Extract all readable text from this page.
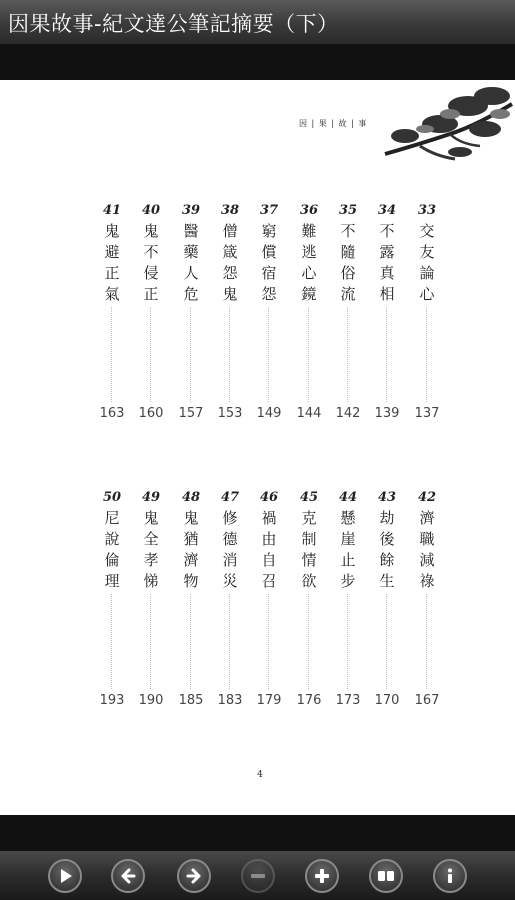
因果故事-紀文達公筆記摘要（下）
因 | 果 | 故 | 事
41
鬼避正氣
163
40
鬼不侵正
160
39
醫藥人危
157
38
僧箴怨鬼
153
37
窮償宿怨
149
36
難逃心鏡
144
35
不隨俗流
142
34
不露真相
139
33
交友論心
137
50
尼說倫理
193
49
鬼全孝悌
190
48
鬼猶濟物
185
47
修德消災
183
46
禍由自召
179
45
克制情欲
176
44
懸崖止步
173
43
劫後餘生
170
42
濟職減祿
167
4
